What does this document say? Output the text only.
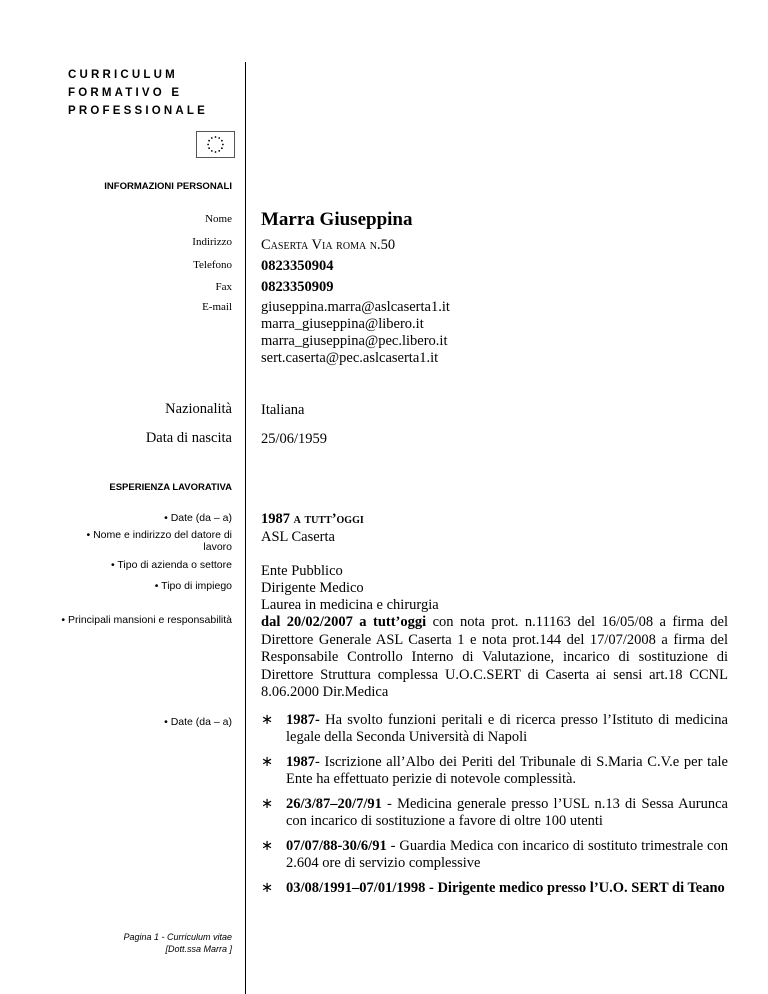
CURRICULUM
FORMATIVO E
PROFESSIONALE
INFORMAZIONI PERSONALI
Nome Marra Giuseppina
Indirizzo Caserta Via roma n.50
Telefono 0823350904
Fax 0823350909
E-mail giuseppina.marra@aslcaserta1.it
marra_giuseppina@libero.it
marra_giuseppina@pec.libero.it
sert.caserta@pec.aslcaserta1.it
Nazionalità Italiana
Data di nascita 25/06/1959
ESPERIENZA LAVORATIVA
• Date (da – a) 1987 a tutt’oggi
• Nome e indirizzo del datore di
lavoro
ASL Caserta
• Tipo di azienda o settore Ente Pubblico
• Tipo di impiego Dirigente Medico
Laurea in medicina e chirurgia
• Principali mansioni e responsabilità dal 20/02/2007 a tutt’oggi con nota prot. n.11163 del 16/05/08 a firma del Direttore Generale ASL Caserta 1 e nota prot.144 del 17/07/2008 a firma del Responsabile Controllo Interno di Valutazione, incarico di sostituzione di Direttore Struttura complessa U.O.C.SERT di Caserta ai sensi art.18 CCNL 8.06.2000 Dir.Medica
• Date (da – a) ∗ 1987- Ha svolto funzioni peritali e di ricerca presso l’Istituto di medicina legale della Seconda Università di Napoli
∗ 1987- Iscrizione all’Albo dei Periti del Tribunale di S.Maria C.V.e per tale Ente ha effettuato perizie di notevole complessità.
∗ 26/3/87–20/7/91 - Medicina generale presso l’USL n.13 di Sessa Aurunca con incarico di sostituzione a favore di oltre 100 utenti
∗ 07/07/88-30/6/91 - Guardia Medica con incarico di sostituto trimestrale con 2.604 ore di servizio complessive
∗ 03/08/1991–07/01/1998 - Dirigente medico presso l’U.O. SERT di Teano
Pagina 1 - Curriculum vitae
[Dott.ssa Marra ]
